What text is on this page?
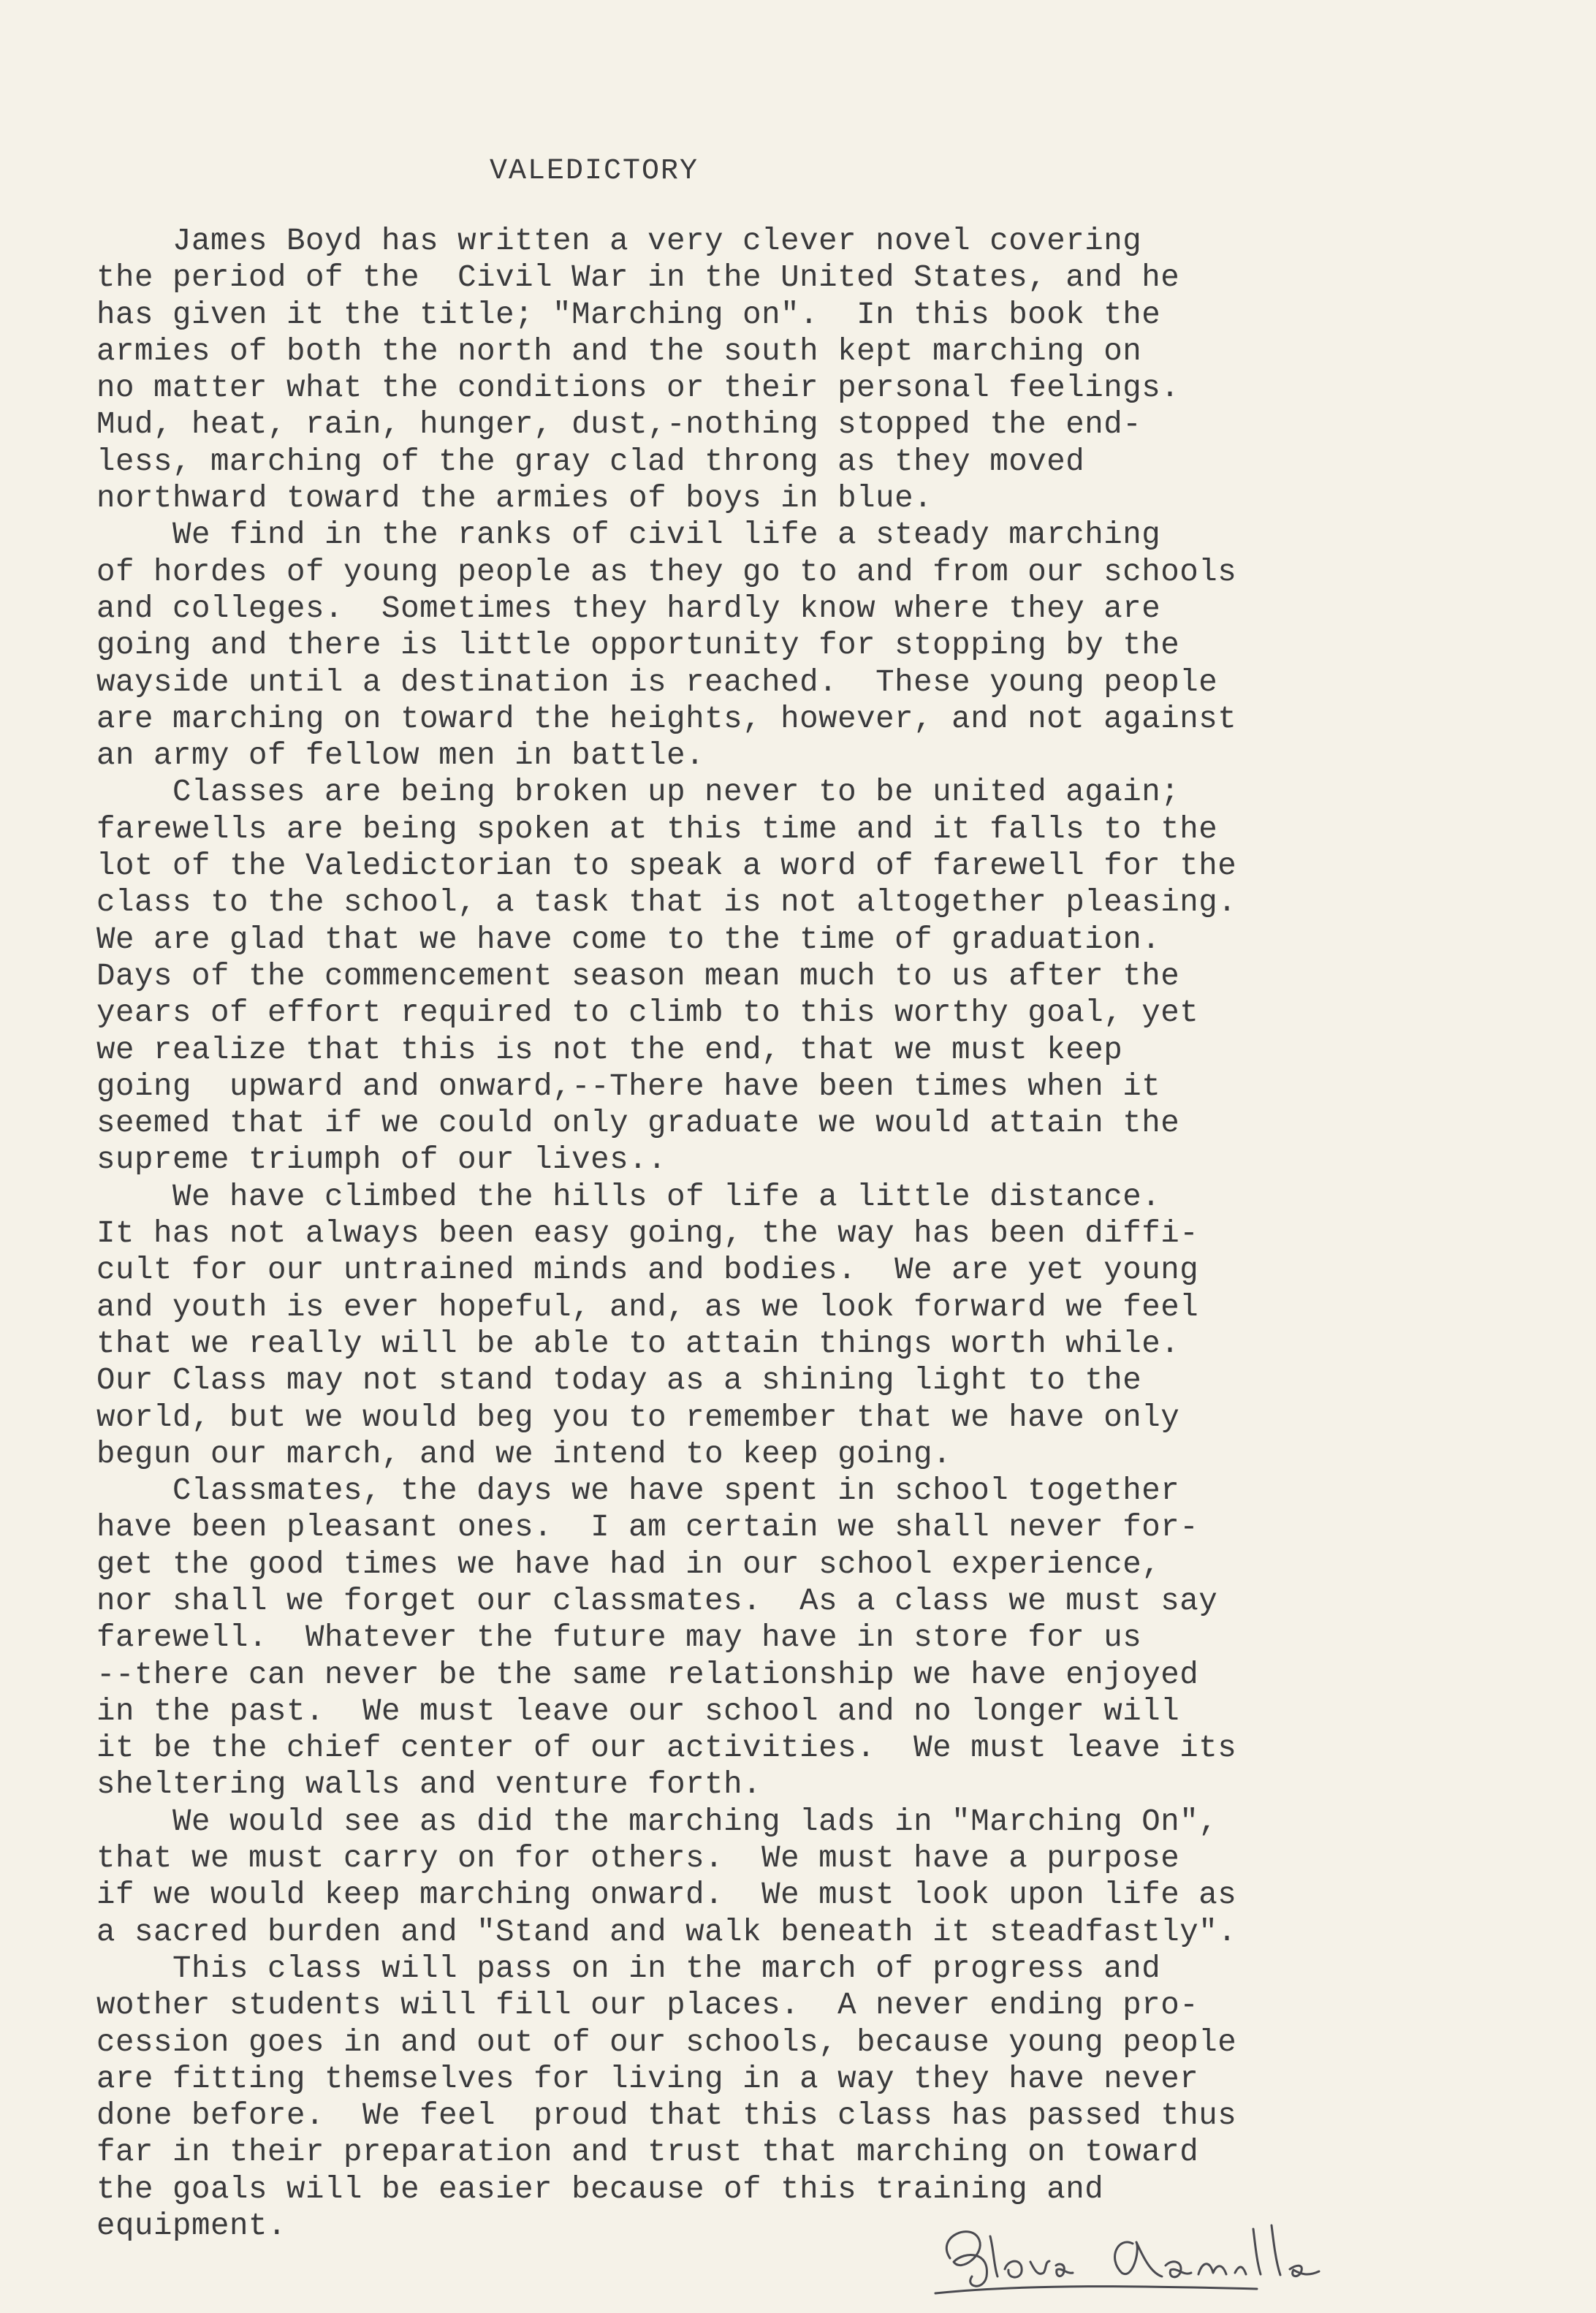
VALEDICTORY
James Boyd has written a very clever novel covering
the period of the  Civil War in the United States, and he
has given it the title; "Marching on".  In this book the
armies of both the north and the south kept marching on
no matter what the conditions or their personal feelings.
Mud, heat, rain, hunger, dust,-nothing stopped the end-
less, marching of the gray clad throng as they moved
northward toward the armies of boys in blue.
We find in the ranks of civil life a steady marching
of hordes of young people as they go to and from our schools
and colleges.  Sometimes they hardly know where they are
going and there is little opportunity for stopping by the
wayside until a destination is reached.  These young people
are marching on toward the heights, however, and not against
an army of fellow men in battle.
Classes are being broken up never to be united again;
farewells are being spoken at this time and it falls to the
lot of the Valedictorian to speak a word of farewell for the
class to the school, a task that is not altogether pleasing.
We are glad that we have come to the time of graduation.
Days of the commencement season mean much to us after the
years of effort required to climb to this worthy goal, yet
we realize that this is not the end, that we must keep
going  upward and onward,--There have been times when it
seemed that if we could only graduate we would attain the
supreme triumph of our lives..
We have climbed the hills of life a little distance.
It has not always been easy going, the way has been diffi-
cult for our untrained minds and bodies.  We are yet young
and youth is ever hopeful, and, as we look forward we feel
that we really will be able to attain things worth while.
Our Class may not stand today as a shining light to the
world, but we would beg you to remember that we have only
begun our march, and we intend to keep going.
Classmates, the days we have spent in school together
have been pleasant ones.  I am certain we shall never for-
get the good times we have had in our school experience,
nor shall we forget our classmates.  As a class we must say
farewell.  Whatever the future may have in store for us
--there can never be the same relationship we have enjoyed
in the past.  We must leave our school and no longer will
it be the chief center of our activities.  We must leave its
sheltering walls and venture forth.
We would see as did the marching lads in "Marching On",
that we must carry on for others.  We must have a purpose
if we would keep marching onward.  We must look upon life as
a sacred burden and "Stand and walk beneath it steadfastly".
This class will pass on in the march of progress and
wother students will fill our places.  A never ending pro-
cession goes in and out of our schools, because young people
are fitting themselves for living in a way they have never
done before.  We feel  proud that this class has passed thus
far in their preparation and trust that marching on toward
the goals will be easier because of this training and
equipment.
